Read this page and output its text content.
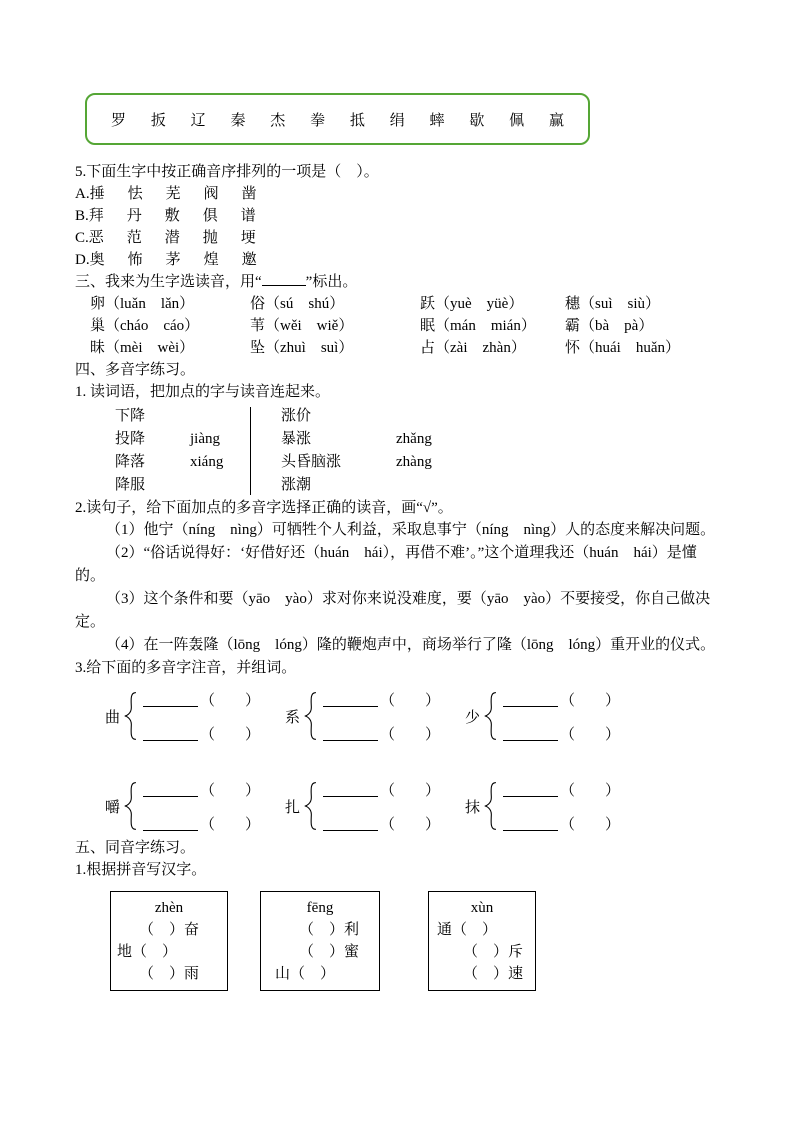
罗 扳 辽 秦 杰 拳 抵 绢 蟀 歇 佩 赢

5.下面生字中按正确音序排列的一项是（　）。

A. 捶	怯	芜	阀	凿
B. 拜	丹	敷	俱	谱
C. 恶	范	潜	抛	埂
D. 奥	怖	茅	煌	邀

三、我来为生字选读音，用“	”标出。

卵（luǎn　lǎn）	俗（sú　shú）	跃（yuè　yüè）	穗（suì　siù）
巢（cháo　cáo）	苇（wěi　wiě）	眠（mán　mián）	霸（bà　pà）
昧（mèi　wèi）	坠（zhuì　suì）	占（zài　zhàn）	怀（huái　huǎn）

四、多音字练习。

1. 读词语，把加点的字与读音连起来。

下降
投降	jiàng
降落	xiáng
降服
涨价
暴涨	zhǎng
头昏脑涨	zhàng
涨潮

2.读句子，给下面加点的多音字选择正确的读音，画“√”。

（1）他宁（níng　nìng）可牺牲个人利益，采取息事宁（níng　nìng）人的态度来解决问题。

（2）“俗话说得好：‘好借好还（huán　hái），再借不难’。”这个道理我还（huán　hái）是懂的。

（3）这个条件和要（yāo　yào）求对你来说没难度，要（yāo　yào）不要接受，你自己做决定。

（4）在一阵轰隆（lōng　lóng）隆的鞭炮声中，商场举行了隆（lōng　lóng）重开业的仪式。

3.给下面的多音字注音，并组词。

曲
（　　）
（　　）
系
（　　）
（　　）
少
（　　）
（　　）
嚼
（　　）
（　　）
扎
（　　）
（　　）
抹
（　　）
（　　）

五、同音字练习。

1.根据拼音写汉字。

zhèn
（　）奋
地（　）
（　）雨
fēng
（　）利
（　）蜜
山（　）
xùn
通（　）
（　）斥
（　）速
